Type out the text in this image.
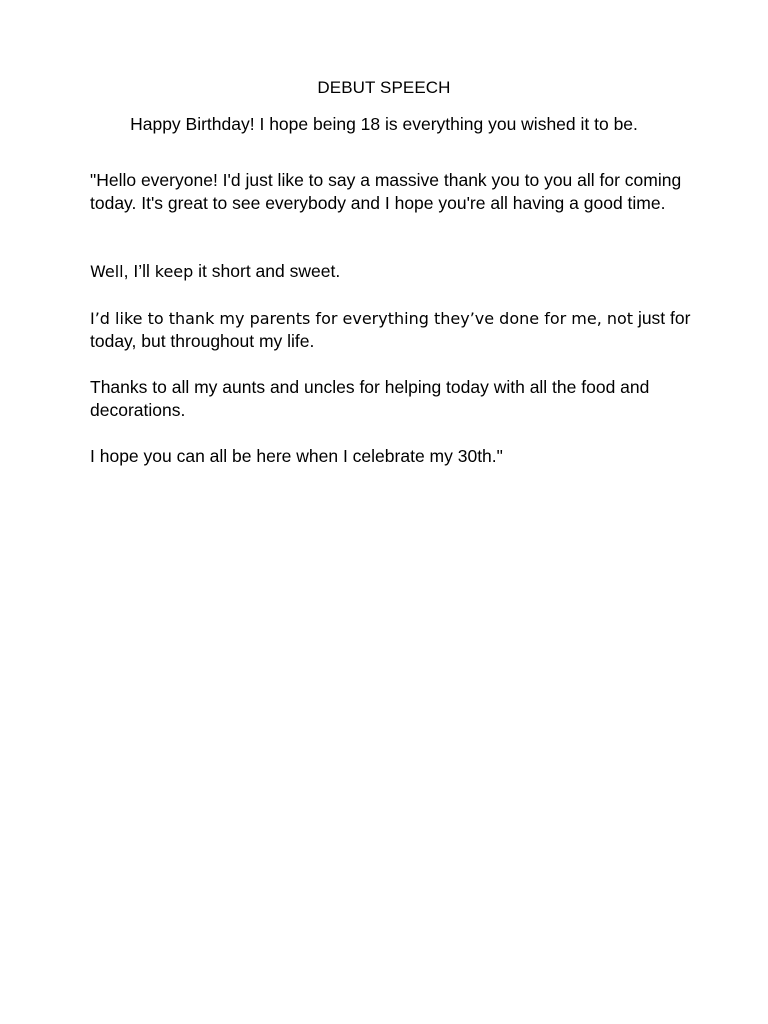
DEBUT SPEECH
Happy Birthday! I hope being 18 is everything you wished it to be.
"Hello everyone! I'd just like to say a massive thank you to you all for coming today. It's great to see everybody and I hope you're all having a good time.
Well, I’ll keep it short and sweet.
I’d like to thank my parents for everything they’ve done for me, not just for today, but throughout my life.
Thanks to all my aunts and uncles for helping today with all the food and decorations.
I hope you can all be here when I celebrate my 30th."
